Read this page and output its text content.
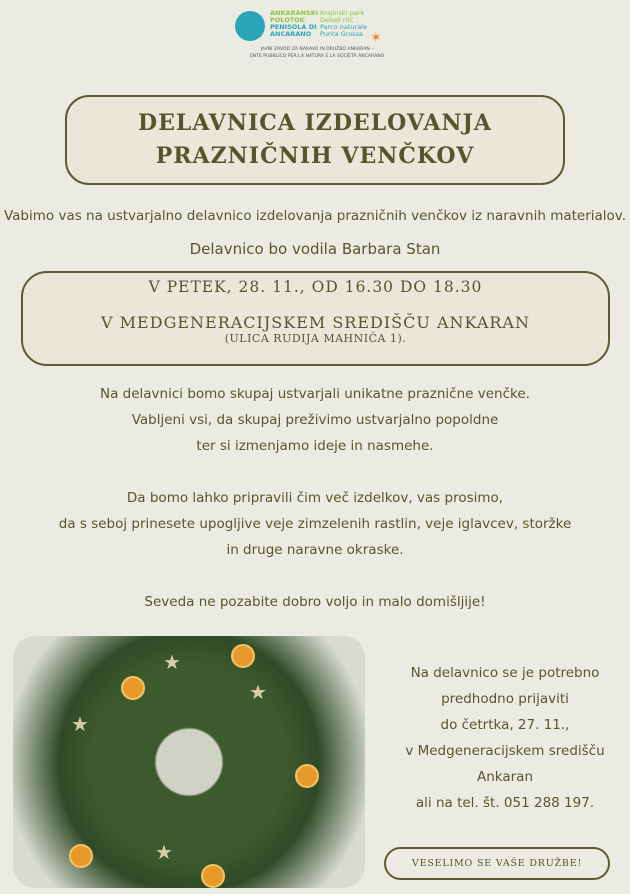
ANKARANSKI
POLOTOK
PENISOLA DI
ANCARANO
Krajinski park
Debeli rtič
Parco naturale
Punta Grossa ✶
JAVNI ZAVOD ZA NARAVO IN DRUŽBO ANKARAN –
ENTE PUBBLICO PER LA NATURA E LA SOCIETÀ ANCARANO
DELAVNICA IZDELOVANJA
PRAZNIČNIH VENČKOV
Vabimo vas na ustvarjalno delavnico izdelovanja prazničnih venčkov iz naravnih materialov.
Delavnico bo vodila Barbara Stan
V PETEK, 28. 11., OD 16.30 DO 18.30
V MEDGENERACIJSKEM SREDIŠČU ANKARAN
(ULICA RUDIJA MAHNIČA 1).

Na delavnici bomo skupaj ustvarjali unikatne praznične venčke.

Vabljeni vsi, da skupaj preživimo ustvarjalno popoldne

ter si izmenjamo ideje in nasmehe.

Da bomo lahko pripravili čim več izdelkov, vas prosimo,

da s seboj prinesete upogljive veje zimzelenih rastlin, veje iglavcev, storžke

in druge naravne okraske.

Seveda ne pozabite dobro voljo in malo domišljije!

★
★
★
★
Na delavnico se je potrebno
predhodno prijaviti
do četrtka, 27. 11.,
v Medgeneracijskem središču
Ankaran
ali na tel. št. 051 288 197.
VESELIMO SE VAŠE DRUŽBE!
